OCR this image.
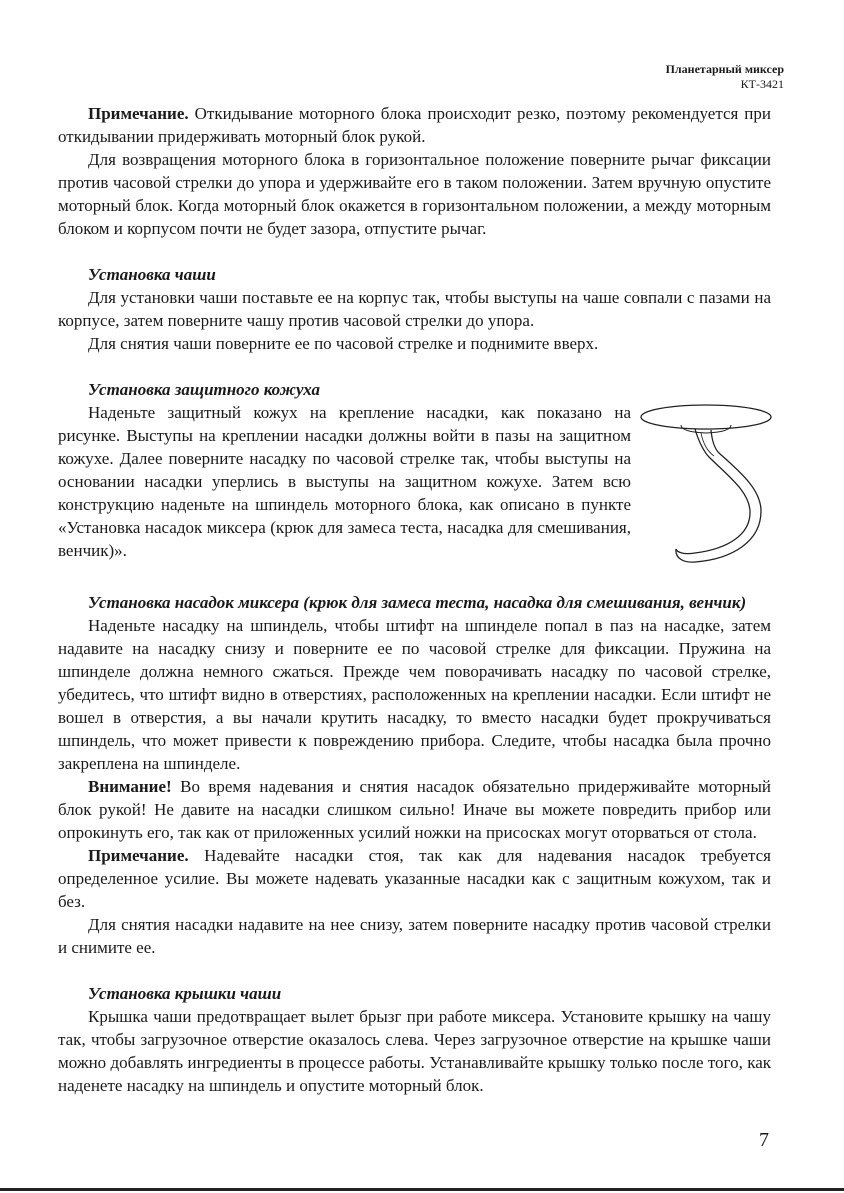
Планетарный миксер
КТ-3421

Примечание. Откидывание моторного блока происходит резко, поэтому рекомендуется при откидывании придерживать моторный блок рукой.

Для возвращения моторного блока в горизонтальное положение поверните рычаг фиксации против часовой стрелки до упора и удерживайте его в таком положении. Затем вручную опустите моторный блок. Когда моторный блок окажется в горизонтальном положении, а между моторным блоком и корпусом почти не будет зазора, отпустите рычаг.

Установка чаши

Для установки чаши поставьте ее на корпус так, чтобы выступы на чаше совпали с пазами на корпусе, затем поверните чашу против часовой стрелки до упора.

Для снятия чаши поверните ее по часовой стрелке и поднимите вверх.

Установка защитного кожуха

Наденьте защитный кожух на крепление насадки, как показано на рисунке. Выступы на креплении насадки должны войти в пазы на защитном кожухе. Далее поверните насадку по часовой стрелке так, чтобы выступы на основании насадки уперлись в выступы на защитном кожухе. Затем всю конструкцию наденьте на шпиндель моторного блока, как описано в пункте «Установка насадок миксера (крюк для замеса теста, насадка для смешивания, венчик)».

Установка насадок миксера (крюк для замеса теста, насадка для смешивания, венчик)

Наденьте насадку на шпиндель, чтобы штифт на шпинделе попал в паз на насадке, затем надавите на насадку снизу и поверните ее по часовой стрелке для фиксации. Пружина на шпинделе должна немного сжаться. Прежде чем поворачивать насадку по часовой стрелке, убедитесь, что штифт видно в отверстиях, расположенных на креплении насадки. Если штифт не вошел в отверстия, а вы начали крутить насадку, то вместо насадки будет прокручиваться шпиндель, что может привести к повреждению прибора. Следите, чтобы насадка была прочно закреплена на шпинделе.

Внимание! Во время надевания и снятия насадок обязательно придерживайте моторный блок рукой! Не давите на насадки слишком сильно! Иначе вы можете повредить прибор или опрокинуть его, так как от приложенных усилий ножки на присосках могут оторваться от стола.

Примечание. Надевайте насадки стоя, так как для надевания насадок требуется определенное усилие. Вы можете надевать указанные насадки как с защитным кожухом, так и без.

Для снятия насадки надавите на нее снизу, затем поверните насадку против часовой стрелки и снимите ее.

Установка крышки чаши

Крышка чаши предотвращает вылет брызг при работе миксера. Установите крышку на чашу так, чтобы загрузочное отверстие оказалось слева. Через загрузочное отверстие на крышке чаши можно добавлять ингредиенты в процессе работы. Устанавливайте крышку только после того, как наденете насадку на шпиндель и опустите моторный блок.

7
